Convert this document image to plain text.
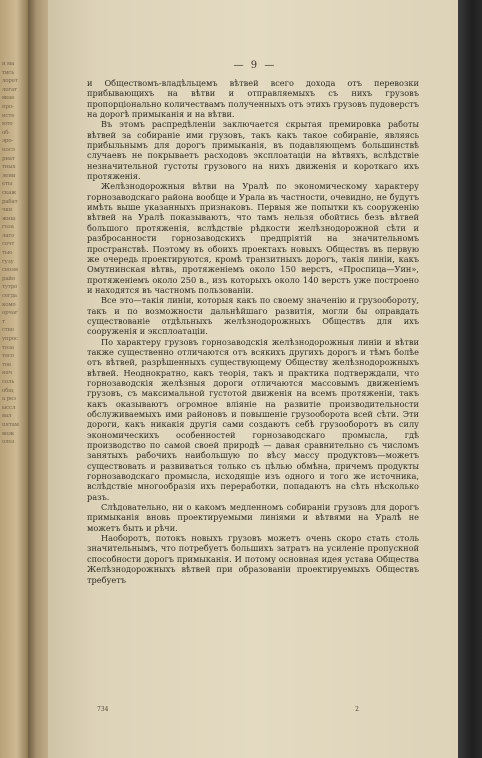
и ма
тись
лорот
логат
вкае
про-
нсте
юто
об-
эро-
посл
рнат
тных
лени
еты
скаж
рабат
чки
жиш
гоза
лаго
сочт
тью
гузу
свозм
райо
тутро
сегда
комо
орчаг
т
ство
упрос
тоза
тесо
тое
нач
соль
общ
а рез
ыссл
вал
пятам
возк
олоз
— 9 —

и Обществомъ-владѣльцемъ вѣтвей всего дохода отъ перевозки прибывающихъ на вѣтви и отправляемыхъ съ нихъ грузовъ пропорціонально количествамъ полученныхъ отъ этихъ грузовъ пудоверстъ на дорогѣ примыканія и на вѣтви.

Въ этомъ распредѣленіи заключается скрытая премировка работы вѣтвей за собираніе ими грузовъ, такъ какъ такое собираніе, являясь прибыльнымъ для дорогъ примыканія, въ подавляющемъ большинствѣ случаевъ не покрываетъ расходовъ эксплоатаціи на вѣтвяхъ, вслѣдствіе незначительной густоты грузового на нихъ движенія и короткаго ихъ протяженія.

Желѣзнодорожныя вѣтви на Уралѣ по экономическому характеру горнозаводскаго района вообще и Урала въ частности, очевидно, не будутъ имѣть выше указанныхъ признаковъ. Первыя же попытки къ сооруженію вѣтвей на Уралѣ показываютъ, что тамъ нельзя обойтись безъ вѣтвей большого протяженія, вслѣдствіе рѣдкости желѣзнодорожной сѣти и разбросанности горнозаводскихъ предпріятій на значительномъ пространствѣ. Поэтому въ обоихъ проектахъ новыхъ Обществъ въ первую же очередь проектируются, кромѣ транзитныхъ дорогъ, такія линіи, какъ Омутнинская вѣтвь, протяженіемъ около 150 верстъ, «Проспица—Уин», протяженіемъ около 250 в., изъ которыхъ около 140 верстъ уже построено и находятся въ частномъ пользованіи.

Все это—такія линіи, которыя какъ по своему значенію и грузообороту, такъ и по возможности дальнѣйшаго развитія, могли бы оправдать существованіе отдѣльныхъ желѣзнодорожныхъ Обществъ для ихъ сооруженія и эксплоатаціи.

По характеру грузовъ горнозаводскія желѣзнодорожныя линіи и вѣтви также существенно отличаются отъ всякихъ другихъ дорогъ и тѣмъ болѣе отъ вѣтвей, разрѣшенныхъ существующему Обществу желѣзнодорожныхъ вѣтвей. Неоднократно, какъ теорія, такъ и практика подтверждали, что горнозаводскія желѣзныя дороги отличаются массовымъ движеніемъ грузовъ, съ максимальной густотой движенія на всемъ протяженіи, такъ какъ оказываютъ огромное вліяніе на развитіе производительности обслуживаемыхъ ими районовъ и повышеніе грузооборота всей сѣти. Эти дороги, какъ никакія другія сами создаютъ себѣ грузооборотъ въ силу экономическихъ особенностей горнозаводскаго промысла, гдѣ производство по самой своей природѣ — давая сравнительно съ числомъ занятыхъ рабочихъ наибольшую по вѣсу массу продуктовъ—можетъ существовать и развиваться только съ цѣлью обмѣна, причемъ продукты горнозаводскаго промысла, исходящіе изъ одного и того же источника, вслѣдствіе многообразія ихъ переработки, попадаютъ на сѣть нѣсколько разъ.

Слѣдовательно, ни о какомъ медленномъ собираніи грузовъ для дорогъ примыканія вновь проектируемыми линіями и вѣтвями на Уралѣ не можетъ быть и рѣчи.

Наоборотъ, потокъ новыхъ грузовъ можетъ очень скоро стать столь значительнымъ, что потребуетъ большихъ затратъ на усиленіе пропускной способности дорогъ примыканія. И потому основная идея устава Общества Желѣзнодорожныхъ вѣтвей при образованіи проектируемыхъ Обществъ требуетъ

734	2
